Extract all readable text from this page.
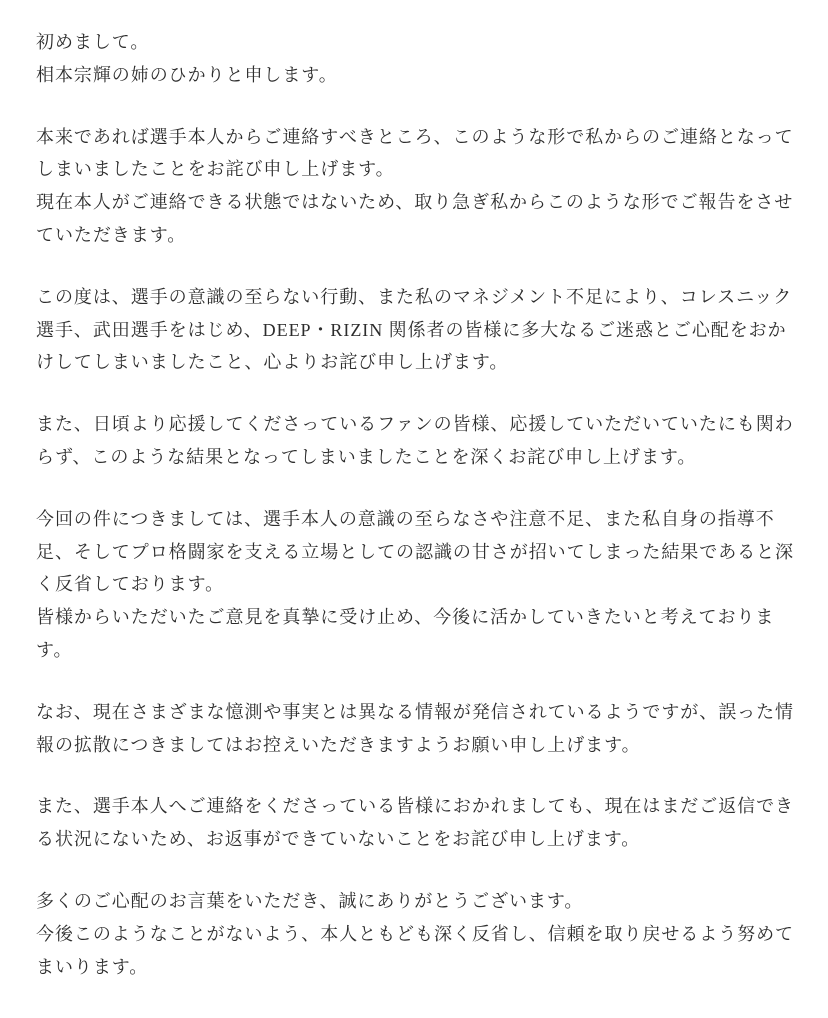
初めまして。
相本宗輝の姉のひかりと申します。

本来であれば選手本人からご連絡すべきところ、このような形で私からのご連絡となって
しまいましたことをお詫び申し上げます。
現在本人がご連絡できる状態ではないため、取り急ぎ私からこのような形でご報告をさせ
ていただきます。

この度は、選手の意識の至らない行動、また私のマネジメント不足により、コレスニック
選手、武田選手をはじめ、DEEP・RIZIN 関係者の皆様に多大なるご迷惑とご心配をおか
けしてしまいましたこと、心よりお詫び申し上げます。

また、日頃より応援してくださっているファンの皆様、応援していただいていたにも関わ
らず、このような結果となってしまいましたことを深くお詫び申し上げます。

今回の件につきましては、選手本人の意識の至らなさや注意不足、また私自身の指導不
足、そしてプロ格闘家を支える立場としての認識の甘さが招いてしまった結果であると深
く反省しております。
皆様からいただいたご意見を真摯に受け止め、今後に活かしていきたいと考えておりま
す。

なお、現在さまざまな憶測や事実とは異なる情報が発信されているようですが、誤った情
報の拡散につきましてはお控えいただきますようお願い申し上げます。

また、選手本人へご連絡をくださっている皆様におかれましても、現在はまだご返信でき
る状況にないため、お返事ができていないことをお詫び申し上げます。

多くのご心配のお言葉をいただき、誠にありがとうございます。
今後このようなことがないよう、本人ともども深く反省し、信頼を取り戻せるよう努めて
まいります。
